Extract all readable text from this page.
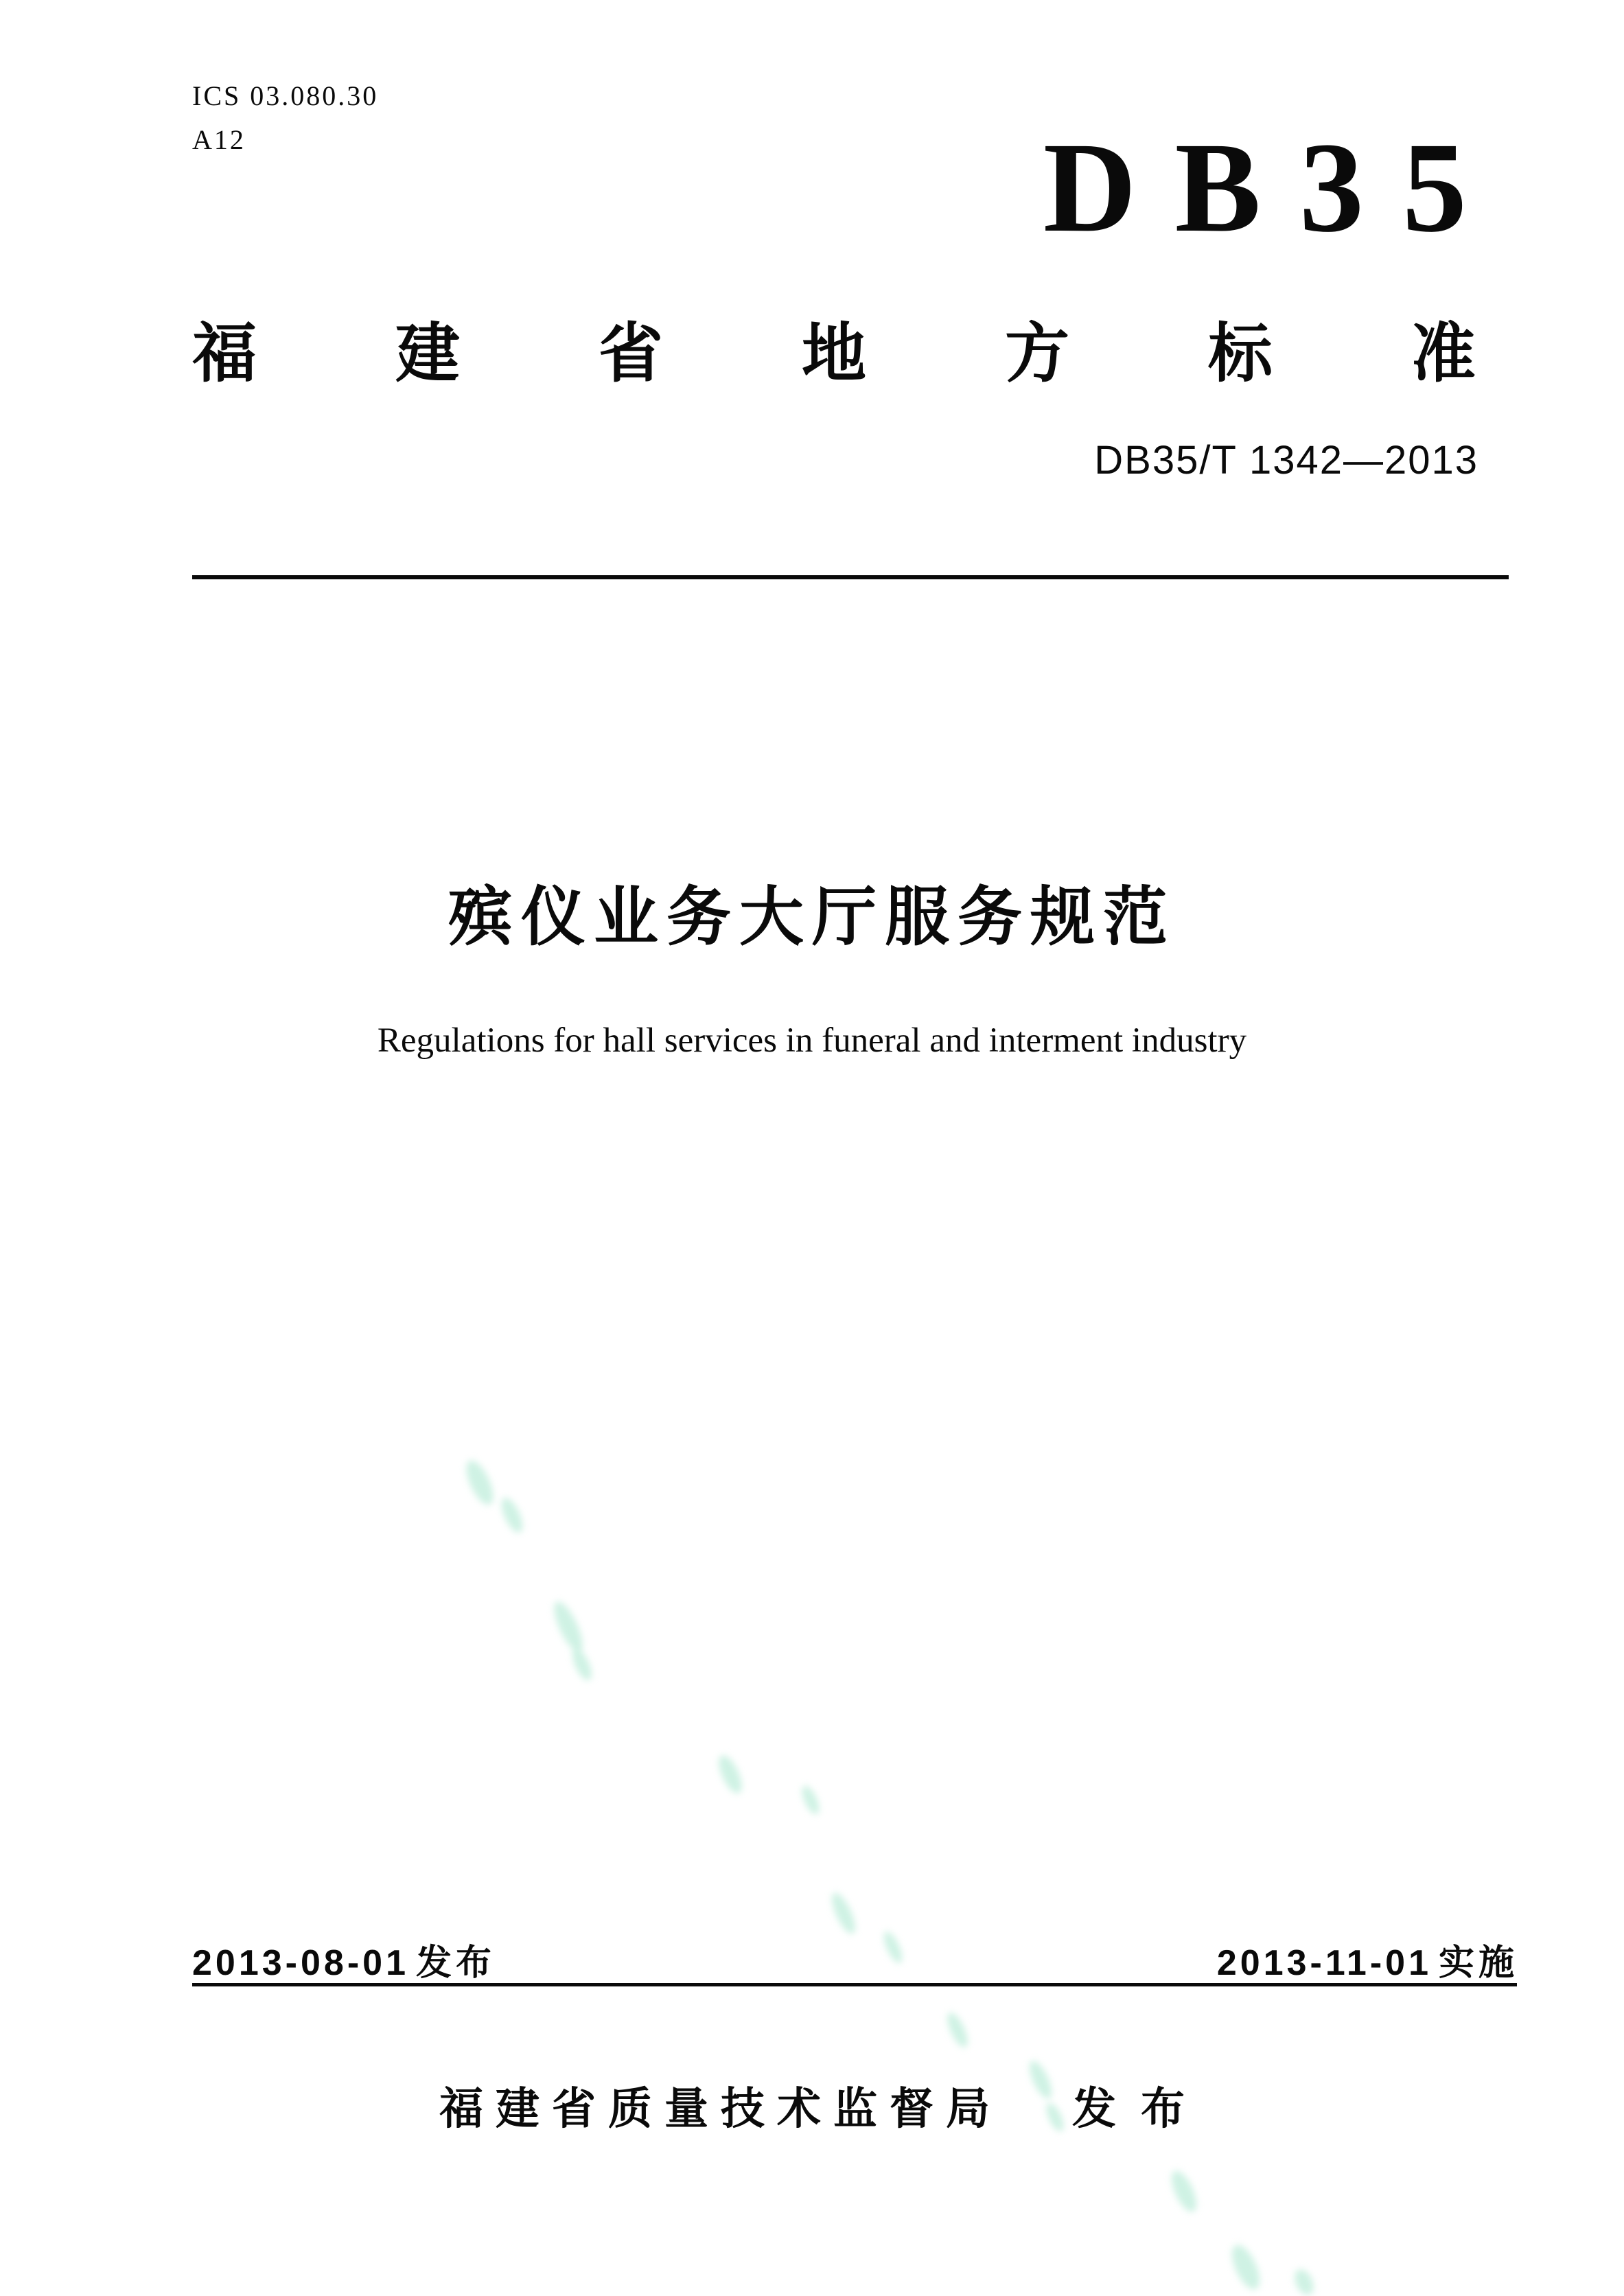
ICS 03.080.30
A12	DB35
福 建 省 地 方 标 准
DB35/T 1342—2013
殡仪业务大厅服务规范
Regulations for hall services in funeral and interment industry
2013-08-01 发布	2013-11-01 实施
福建省质量技术监督局 发布
